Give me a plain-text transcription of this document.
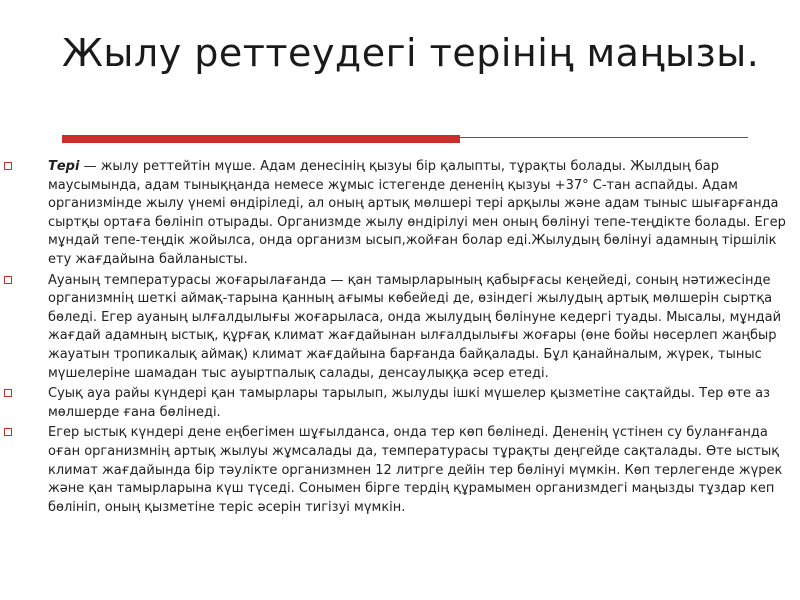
Жылу реттеудегі терінің маңызы.
Тері — жылу реттейтін мүше. Адам денесінің қызуы бір қалыпты, тұрақты болады. Жылдың бар маусымында, адам тынықңанда немесе жұмыс істегенде дененің қызуы +37° С-тан аспайды. Адам организмінде жылу үнемі өндіріледі, ал оның артық мөлшері тері арқылы және адам тыныс шығарғанда сыртқы ортаға бөлініп отырады. Организмде жылу өндірілуі мен оның бөлінуі тепе-теңдікте болады. Егер мұндай тепе-теңдік жойылса, онда организм ысып,жойған болар еді.Жылудың бөлінуі адамның тіршілік ету жағдайына байланысты.
Ауаның температурасы жоғарылағанда — қан тамырларының қабырғасы кеңейеді, соның нәтижесінде организмнің шеткі аймақ-тарына қанның ағымы көбейеді де, өзіндегі жылудың артық мөлшерін сыртқа бөледі. Егер ауаның ылғалдылығы жоғарыласа, онда жылудың бөлінуне кедергі туады. Мысалы, мұндай жағдай адамның ыстық, құрғақ климат жағдайынан ылғалдылығы жоғары (өне бойы нөсерлеп жаңбыр жауатын тропикалық аймақ) климат жағдайына барғанда байқалады. Бұл қанайналым, жүрек, тыныс мүшелеріне шамадан тыс ауыртпалық салады, денсаулыққа әсер етеді.
Суық ауа райы күндері қан тамырлары тарылып, жылуды ішкі мүшелер қызметіне сақтайды. Тер өте аз мөлшерде ғана бөлінеді.
Егер ыстық күндері дене еңбегімен шұғылданса, онда тер көп бөлінеді. Дененің үстінен су буланғанда оған организмнің артық жылуы жұмсалады да, температурасы тұрақты деңгейде сақталады. Өте ыстық климат жағдайында бір тәулікте организмнен 12 литрге дейін тер бөлінуі мүмкін. Көп терлегенде жүрек және қан тамырларына күш түседі. Сонымен бірге тердің құрамымен организмдегі маңызды тұздар кеп бөлініп, оның қызметіне теріс әсерін тигізуі мүмкін.
